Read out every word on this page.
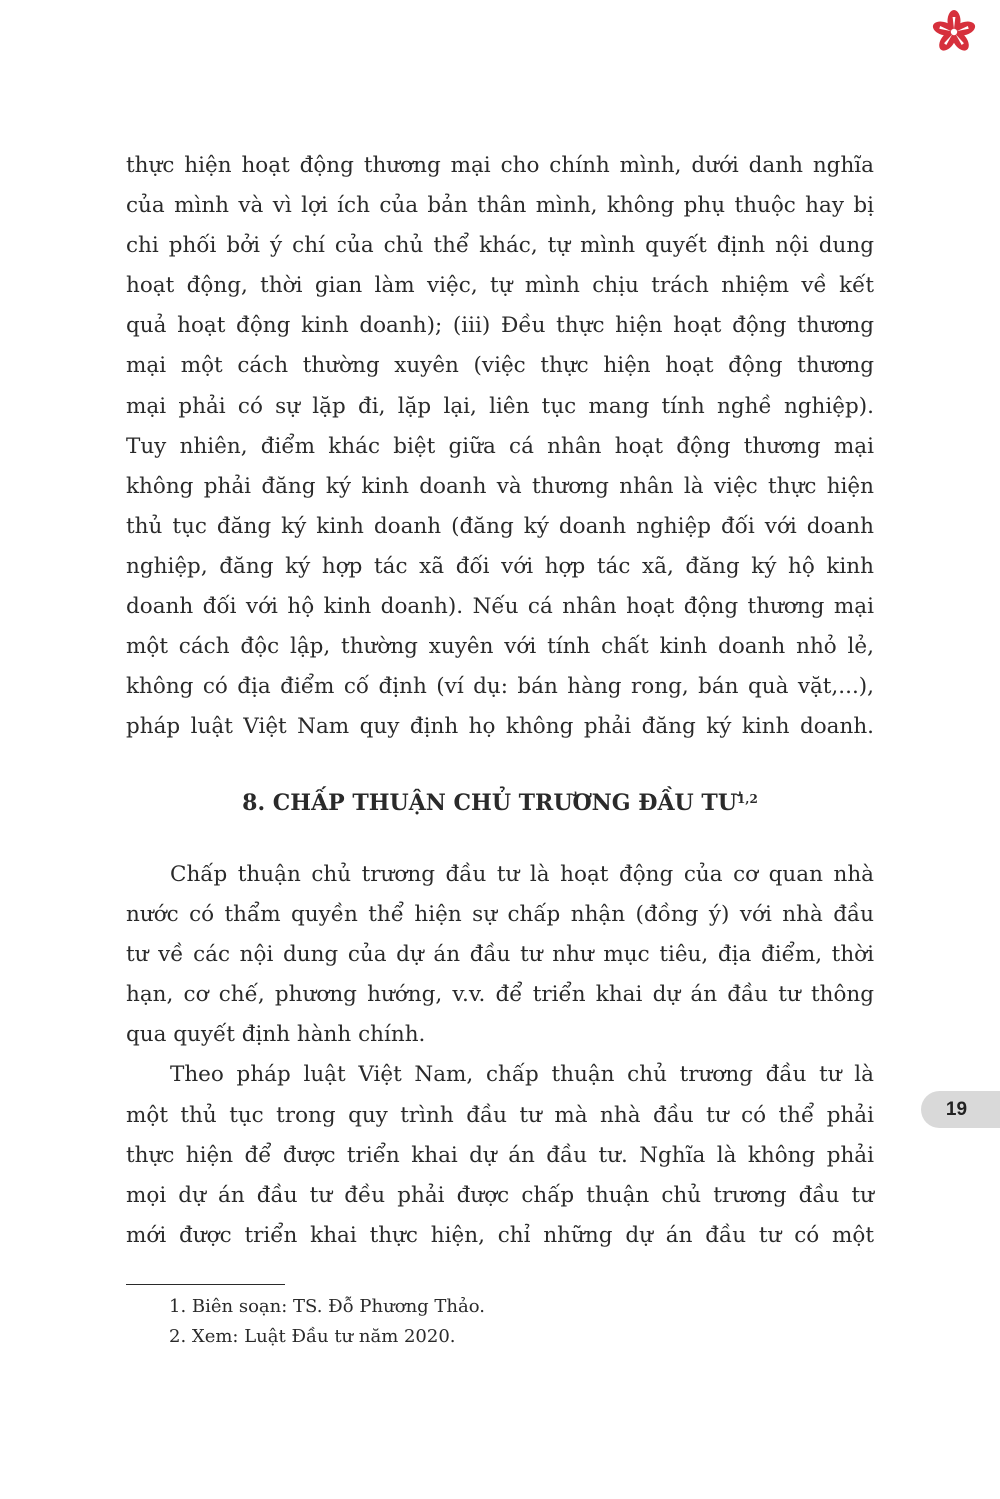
thực hiện hoạt động thương mại cho chính mình, dưới danh nghĩa
của mình và vì lợi ích của bản thân mình, không phụ thuộc hay bị
chi phối bởi ý chí của chủ thể khác, tự mình quyết định nội dung
hoạt động, thời gian làm việc, tự mình chịu trách nhiệm về kết
quả hoạt động kinh doanh); (iii) Đều thực hiện hoạt động thương
mại một cách thường xuyên (việc thực hiện hoạt động thương
mại phải có sự lặp đi, lặp lại, liên tục mang tính nghề nghiệp).
Tuy nhiên, điểm khác biệt giữa cá nhân hoạt động thương mại
không phải đăng ký kinh doanh và thương nhân là việc thực hiện
thủ tục đăng ký kinh doanh (đăng ký doanh nghiệp đối với doanh
nghiệp, đăng ký hợp tác xã đối với hợp tác xã, đăng ký hộ kinh
doanh đối với hộ kinh doanh). Nếu cá nhân hoạt động thương mại
một cách độc lập, thường xuyên với tính chất kinh doanh nhỏ lẻ,
không có địa điểm cố định (ví dụ: bán hàng rong, bán quà vặt,...),
pháp luật Việt Nam quy định họ không phải đăng ký kinh doanh.
8. CHẤP THUẬN CHỦ TRƯƠNG ĐẦU TƯ$^{1,2}$
Chấp thuận chủ trương đầu tư là hoạt động của cơ quan nhà
nước có thẩm quyền thể hiện sự chấp nhận (đồng ý) với nhà đầu
tư về các nội dung của dự án đầu tư như mục tiêu, địa điểm, thời
hạn, cơ chế, phương hướng, v.v. để triển khai dự án đầu tư thông
qua quyết định hành chính.
Theo pháp luật Việt Nam, chấp thuận chủ trương đầu tư là
một thủ tục trong quy trình đầu tư mà nhà đầu tư có thể phải
thực hiện để được triển khai dự án đầu tư. Nghĩa là không phải
mọi dự án đầu tư đều phải được chấp thuận chủ trương đầu tư
mới được triển khai thực hiện, chỉ những dự án đầu tư có một
1. Biên soạn: TS. Đỗ Phương Thảo.
2. Xem: Luật Đầu tư năm 2020.
19
